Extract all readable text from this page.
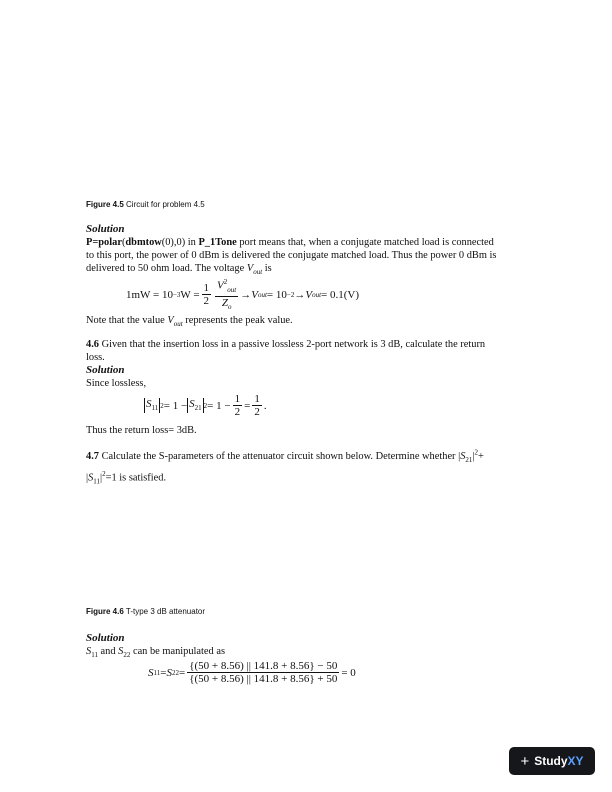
Figure 4.5 Circuit for problem 4.5
Solution
P=polar(dbmtow(0),0) in P_1Tone port means that, when a conjugate matched load is connected
to this port, the power of 0 dBm is delivered the conjugate matched load. Thus the power 0 dBm is
delivered to 50 ohm load. The voltage $V_{out}$ is
1mW = 10 −3 $W = \frac{1}{2} \frac{V^2_{out}}{Z_o} \to V$ out = 10 −2 → V out = 0.1(V)
Note that the value $V_{out}$ represents the peak value.
4.6 Given that the insertion loss in a passive lossless 2-port network is 3 dB, calculate the return
loss.
Solution
Since lossless,
$S_{11}$ $2 = 1 - S_{21}$ $2 = 1 - \frac{1}{2} = \frac{1}{2}$ .
Thus the return loss= 3dB.
4.7 Calculate the S-parameters of the attenuator circuit shown below. Determine whether $|S_{21}|^2+$
$|S_{11}|^2=1$ is satisfied.
Figure 4.6 T-type 3 dB attenuator
Solution
$S_{11}$ and $S_{22}$ can be manipulated as
S 11 = S $22 = \frac{\{(50 + 8.56) || 141.8 + 8.56\} - 50}{\{(50 + 8.56) || 141.8 + 8.56\} + 50} = 0$
+ Study XY
